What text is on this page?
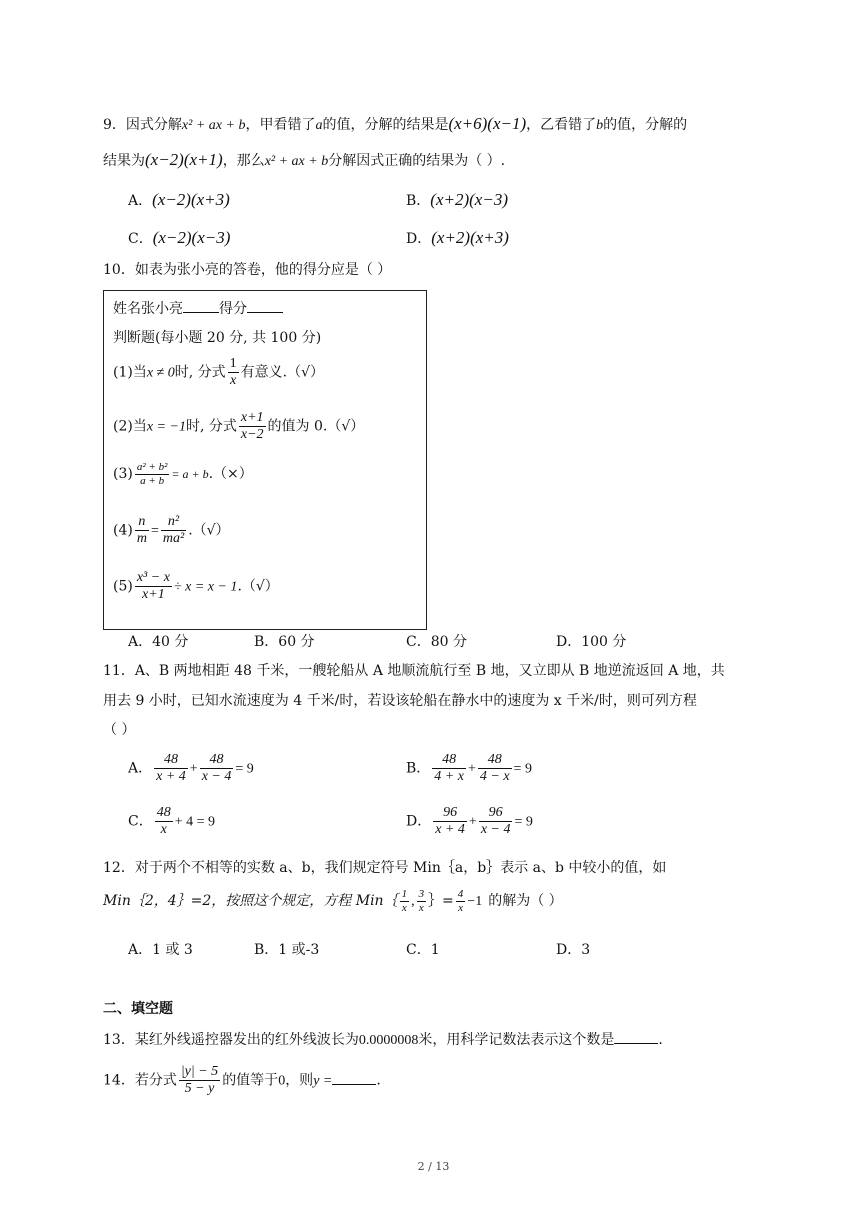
9．因式分解x² + ax + b，甲看错了a的值，分解的结果是(x+6)(x−1)，乙看错了b的值，分解的
结果为(x−2)(x+1)，那么x² + ax + b分解因式正确的结果为（ ）.
A．(x−2)(x+3)	B．(x+2)(x−3)
C．(x−2)(x−3)	D．(x+2)(x+3)
10．如表为张小亮的答卷，他的得分应是（ ）
姓名张小亮	得分
判断题(每小题 20 分, 共 100 分)
(1)当x ≠ 0时, 分式 $\frac{1}{x}$ 有意义.（√）
(2)当x = −1时, 分式 $\frac{x+1}{x-2}$ 的值为 0.（√）
$(3) \frac{\text{a² + b²}}{a + b} = a + b.(\times)$
$(4) \frac{n}{m} = \frac{\text{n²}}{\text{ma²}}$ .（√）
$(5) \frac{\text{x³ − x}}{x+1} \div x = x - 1.(√)$
A．40 分	B．60 分	C．80 分	D．100 分
11．A、B 两地相距 48 千米，一艘轮船从 A 地顺流航行至 B 地，又立即从 B 地逆流返回 A 地，共
用去 9 小时，已知水流速度为 4 千米/时，若设该轮船在静水中的速度为 x 千米/时，则可列方程
（ ）
A． $\frac{48}{x + 4} + \frac{48}{x - 4} = 9$	B． $\frac{48}{4 + x} + \frac{48}{4 - x} = 9$
C． $\frac{48}{x} + 4 = 9$	D． $\frac{96}{x + 4} + \frac{96}{x - 4} = 9$
12．对于两个不相等的实数 a、b，我们规定符号 Min｛a，b｝表示 a、b 中较小的值，如
Min｛2，4｝=2，按照这个规定，方程 Min｛ $\frac{1}{x}$ , $\frac{3}{x}$ ｝= $\frac{4}{x} -1$ 的解为（ ）
A．1 或 3	B．1 或-3	C．1	D．3
二、填空题
13．某红外线遥控器发出的红外线波长为0.0000008米，用科学记数法表示这个数是	.
14．若分式 $\frac{|y| - 5}{5 - y}$ 的值等于0，则y =	.
2 / 13
